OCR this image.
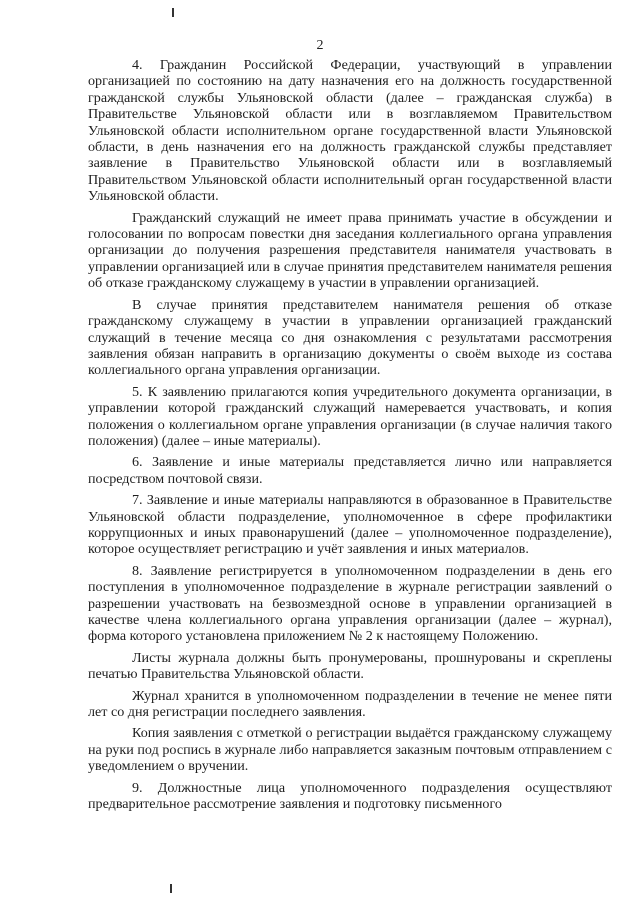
2

4. Гражданин Российской Федерации, участвующий в управлении организацией по состоянию на дату назначения его на должность государственной гражданской службы Ульяновской области (далее – гражданская служба) в Правительстве Ульяновской области или в возглавляемом Правительством Ульяновской области исполнительном органе государственной власти Ульяновской области, в день назначения его на должность гражданской службы представляет заявление в Правительство Ульяновской области или в возглавляемый Правительством Ульяновской области исполнительный орган государственной власти Ульяновской области.

Гражданский служащий не имеет права принимать участие в обсуждении и голосовании по вопросам повестки дня заседания коллегиального органа управления организации до получения разрешения представителя нанимателя участвовать в управлении организацией или в случае принятия представителем нанимателя решения об отказе гражданскому служащему в участии в управлении организацией.

В случае принятия представителем нанимателя решения об отказе гражданскому служащему в участии в управлении организацией гражданский служащий в течение месяца со дня ознакомления с результатами рассмотрения заявления обязан направить в организацию документы о своём выходе из состава коллегиального органа управления организации.

5. К заявлению прилагаются копия учредительного документа организации, в управлении которой гражданский служащий намеревается участвовать, и копия положения о коллегиальном органе управления организации (в случае наличия такого положения) (далее – иные материалы).

6. Заявление и иные материалы представляется лично или направляется посредством почтовой связи.

7. Заявление и иные материалы направляются в образованное в Правительстве Ульяновской области подразделение, уполномоченное в сфере профилактики коррупционных и иных правонарушений (далее – уполномоченное подразделение), которое осуществляет регистрацию и учёт заявления и иных материалов.

8. Заявление регистрируется в уполномоченном подразделении в день его поступления в уполномоченное подразделение в журнале регистрации заявлений о разрешении участвовать на безвозмездной основе в управлении организацией в качестве члена коллегиального органа управления организации (далее – журнал), форма которого установлена приложением № 2 к настоящему Положению.

Листы журнала должны быть пронумерованы, прошнурованы и скреплены печатью Правительства Ульяновской области.

Журнал хранится в уполномоченном подразделении в течение не менее пяти лет со дня регистрации последнего заявления.

Копия заявления с отметкой о регистрации выдаётся гражданскому служащему на руки под роспись в журнале либо направляется заказным почтовым отправлением с уведомлением о вручении.

9. Должностные лица уполномоченного подразделения осуществляют предварительное рассмотрение заявления и подготовку письменного
